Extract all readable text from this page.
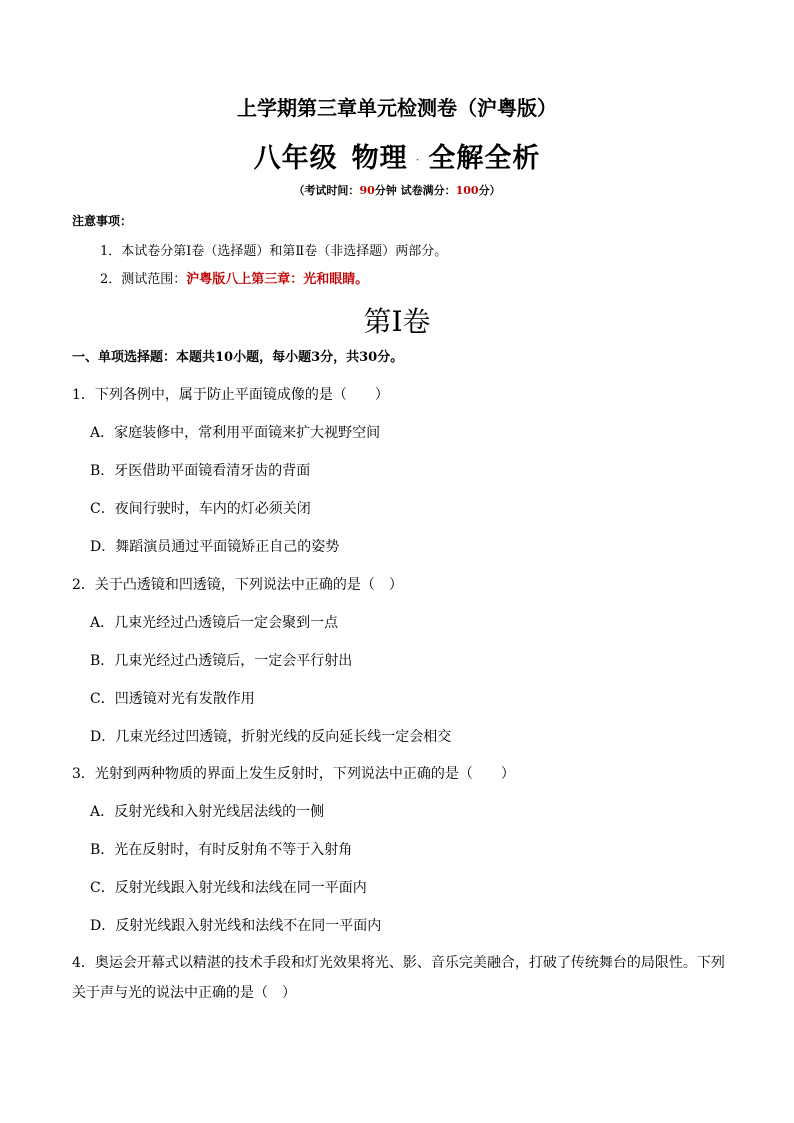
上学期第三章单元检测卷（沪粤版）
八年级 物理 · 全解全析
（考试时间：90分钟 试卷满分：100分）
注意事项：
1．本试卷分第Ⅰ卷（选择题）和第Ⅱ卷（非选择题）两部分。
2．测试范围：沪粤版八上第三章：光和眼睛。
第Ⅰ卷
一、单项选择题：本题共10小题，每小题3分，共30分。
1．下列各例中，属于防止平面镜成像的是（　　）
A．家庭装修中，常利用平面镜来扩大视野空间
B．牙医借助平面镜看清牙齿的背面
C．夜间行驶时，车内的灯必须关闭
D．舞蹈演员通过平面镜矫正自己的姿势
2．关于凸透镜和凹透镜，下列说法中正确的是（　）
A．几束光经过凸透镜后一定会聚到一点
B．几束光经过凸透镜后，一定会平行射出
C．凹透镜对光有发散作用
D．几束光经过凹透镜，折射光线的反向延长线一定会相交
3．光射到两种物质的界面上发生反射时，下列说法中正确的是（　　）
A．反射光线和入射光线居法线的一侧
B．光在反射时，有时反射角不等于入射角
C．反射光线跟入射光线和法线在同一平面内
D．反射光线跟入射光线和法线不在同一平面内
4．奥运会开幕式以精湛的技术手段和灯光效果将光、影、音乐完美融合，打破了传统舞台的局限性。下列关于声与光的说法中正确的是（　）
